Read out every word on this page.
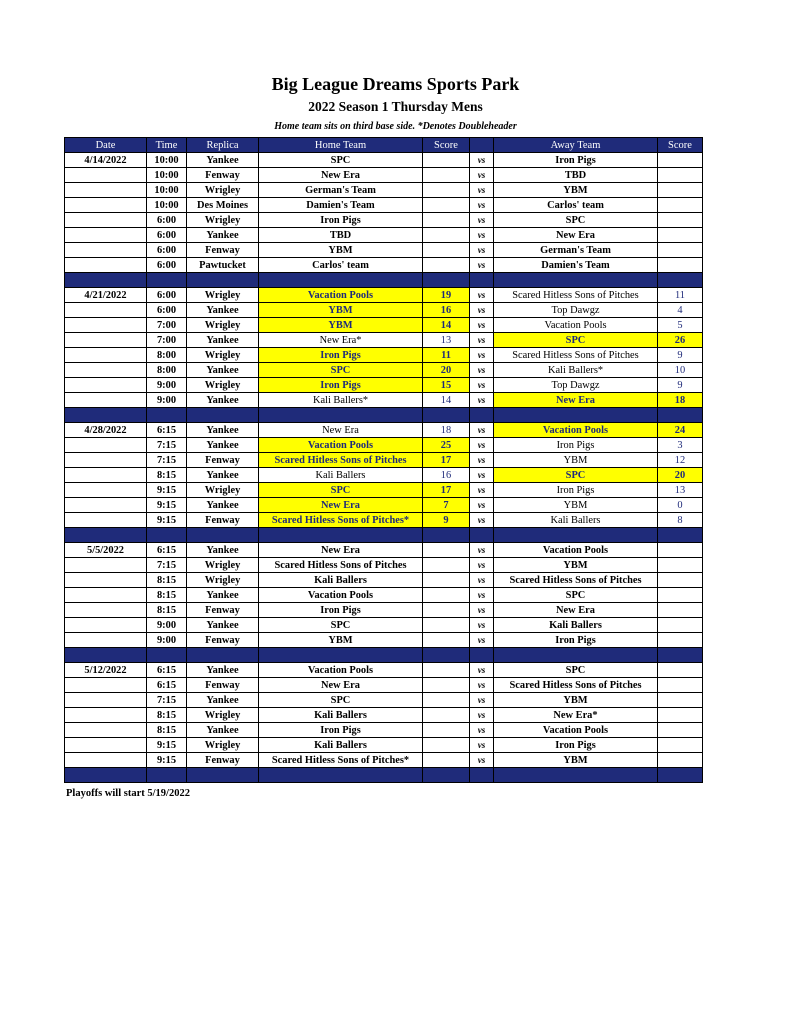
Big League Dreams Sports Park
2022 Season 1 Thursday Mens
Home team sits on third base side. *Denotes Doubleheader
Date	Time	Replica	Home Team	Score		Away Team	Score
4/14/2022	10:00	Yankee	SPC		vs	Iron Pigs	
	10:00	Fenway	New Era		vs	TBD	
	10:00	Wrigley	German's Team		vs	YBM	
	10:00	Des Moines	Damien's Team		vs	Carlos' team	
	6:00	Wrigley	Iron Pigs		vs	SPC	
	6:00	Yankee	TBD		vs	New Era	
	6:00	Fenway	YBM		vs	German's Team	
	6:00	Pawtucket	Carlos' team		vs	Damien's Team	

4/21/2022	6:00	Wrigley	Vacation Pools	19	vs	Scared Hitless Sons of Pitches	11
	6:00	Yankee	YBM	16	vs	Top Dawgz	4
	7:00	Wrigley	YBM	14	vs	Vacation Pools	5
	7:00	Yankee	New Era*	13	vs	SPC	26
	8:00	Wrigley	Iron Pigs	11	vs	Scared Hitless Sons of Pitches	9
	8:00	Yankee	SPC	20	vs	Kali Ballers*	10
	9:00	Wrigley	Iron Pigs	15	vs	Top Dawgz	9
	9:00	Yankee	Kali Ballers*	14	vs	New Era	18

4/28/2022	6:15	Yankee	New Era	18	vs	Vacation Pools	24
	7:15	Yankee	Vacation Pools	25	vs	Iron Pigs	3
	7:15	Fenway	Scared Hitless Sons of Pitches	17	vs	YBM	12
	8:15	Yankee	Kali Ballers	16	vs	SPC	20
	9:15	Wrigley	SPC	17	vs	Iron Pigs	13
	9:15	Yankee	New Era	7	vs	YBM	0
	9:15	Fenway	Scared Hitless Sons of Pitches*	9	vs	Kali Ballers	8

5/5/2022	6:15	Yankee	New Era		vs	Vacation Pools	
	7:15	Wrigley	Scared Hitless Sons of Pitches		vs	YBM	
	8:15	Wrigley	Kali Ballers		vs	Scared Hitless Sons of Pitches	
	8:15	Yankee	Vacation Pools		vs	SPC	
	8:15	Fenway	Iron Pigs		vs	New Era	
	9:00	Yankee	SPC		vs	Kali Ballers	
	9:00	Fenway	YBM		vs	Iron Pigs	

5/12/2022	6:15	Yankee	Vacation Pools		vs	SPC	
	6:15	Fenway	New Era		vs	Scared Hitless Sons of Pitches	
	7:15	Yankee	SPC		vs	YBM	
	8:15	Wrigley	Kali Ballers		vs	New Era*	
	8:15	Yankee	Iron Pigs		vs	Vacation Pools	
	9:15	Wrigley	Kali Ballers		vs	Iron Pigs	
	9:15	Fenway	Scared Hitless Sons of Pitches*		vs	YBM	

Playoffs will start 5/19/2022
